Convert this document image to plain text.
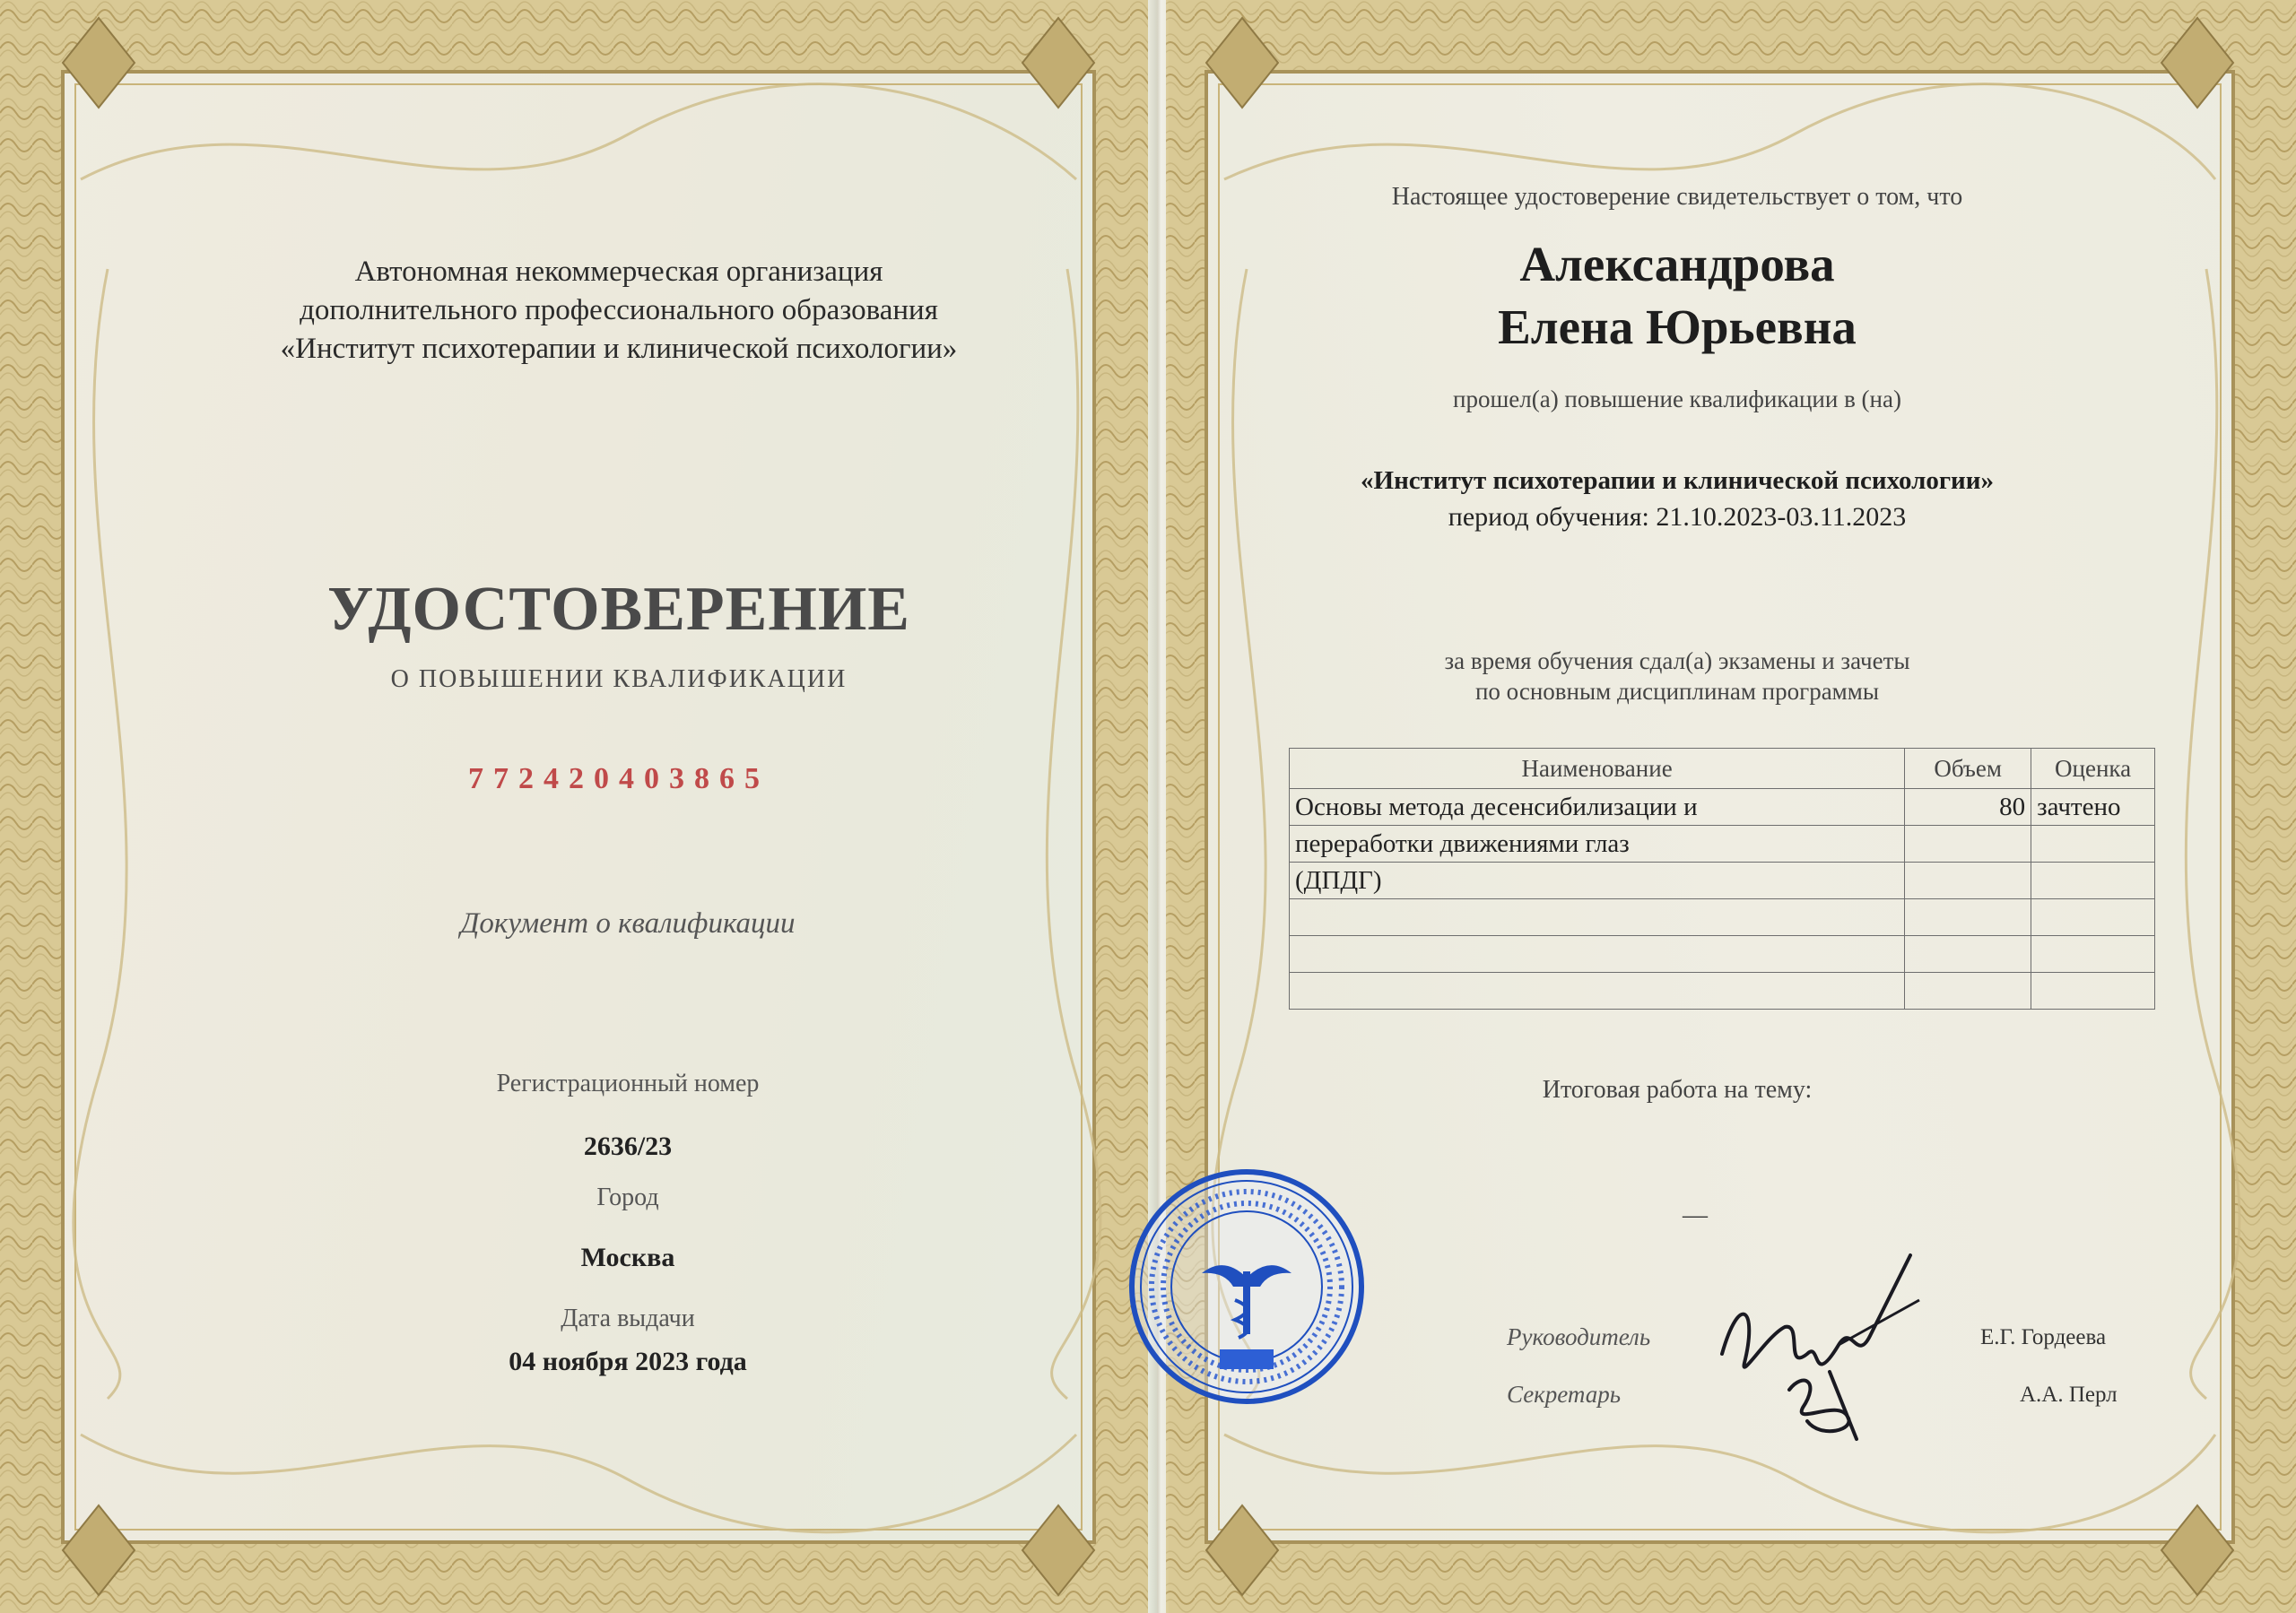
Автономная некоммерческая организация
дополнительного профессионального образования
«Институт психотерапии и клинической психологии»
УДОСТОВЕРЕНИЕ
О ПОВЫШЕНИИ КВАЛИФИКАЦИИ
772420403865
Документ о квалификации
Регистрационный номер
2636/23
Город
Москва
Дата выдачи
04 ноября 2023 года
Настоящее удостоверение свидетельствует о том, что
Александрова
Елена Юрьевна
прошел(а) повышение квалификации в (на)
«Институт психотерапии и клинической психологии»
период обучения: 21.10.2023-03.11.2023
за время обучения сдал(а) экзамены и зачеты
по основным дисциплинам программы
Наименование	Объем	Оценка
Основы метода десенсибилизации и	80	зачтено
переработки движениями глаз		
(ДПДГ)		

Итоговая работа на тему:
—
Руководитель
Секретарь
Е.Г. Гордеева
А.А. Перл
